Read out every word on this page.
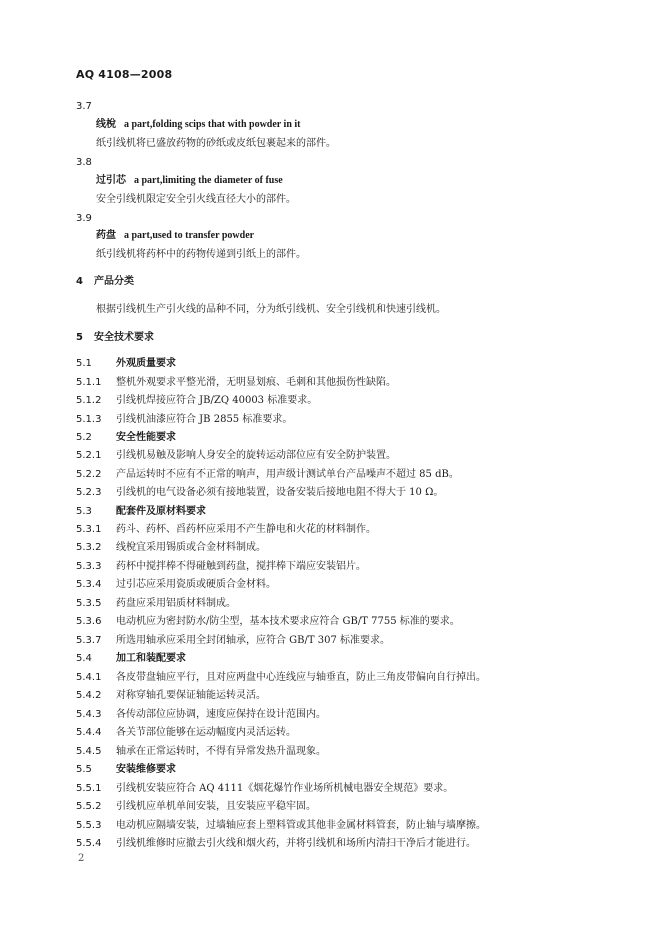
AQ 4108—2008
3.7
线梲 a part,folding scips that with powder in it
纸引线机将已盛放药物的砂纸或皮纸包裹起来的部件。
3.8
过引芯 a part,limiting the diameter of fuse
安全引线机限定安全引火线直径大小的部件。
3.9
药盘 a part,used to transfer powder
纸引线机将药杯中的药物传递到引纸上的部件。
4 产品分类
根据引线机生产引火线的品种不同，分为纸引线机、安全引线机和快速引线机。
5 安全技术要求
5.1 外观质量要求
5.1.1 整机外观要求平整光滑，无明显划痕、毛刺和其他损伤性缺陷。
5.1.2 引线机焊接应符合 JB/ZQ 40003 标准要求。
5.1.3 引线机油漆应符合 JB 2855 标准要求。
5.2 安全性能要求
5.2.1 引线机易触及影响人身安全的旋转运动部位应有安全防护装置。
5.2.2 产品运转时不应有不正常的响声，用声级计测试单台产品噪声不超过 85 dB。
5.2.3 引线机的电气设备必须有接地装置，设备安装后接地电阻不得大于 10 Ω。
5.3 配套件及原材料要求
5.3.1 药斗、药杯、舀药杯应采用不产生静电和火花的材料制作。
5.3.2 线梲宜采用锡质或合金材料制成。
5.3.3 药杯中搅拌棒不得碰触到药盘，搅拌棒下端应安装铝片。
5.3.4 过引芯应采用瓷质或硬质合金材料。
5.3.5 药盘应采用铝质材料制成。
5.3.6 电动机应为密封防水/防尘型，基本技术要求应符合 GB/T 7755 标准的要求。
5.3.7 所选用轴承应采用全封闭轴承，应符合 GB/T 307 标准要求。
5.4 加工和装配要求
5.4.1 各皮带盘轴应平行，且对应两盘中心连线应与轴垂直，防止三角皮带偏向自行掉出。
5.4.2 对称穿轴孔要保证轴能运转灵活。
5.4.3 各传动部位应协调，速度应保持在设计范围内。
5.4.4 各关节部位能够在运动幅度内灵活运转。
5.4.5 轴承在正常运转时，不得有异常发热升温现象。
5.5 安装维修要求
5.5.1 引线机安装应符合 AQ 4111《烟花爆竹作业场所机械电器安全规范》要求。
5.5.2 引线机应单机单间安装，且安装应平稳牢固。
5.5.3 电动机应隔墙安装，过墙轴应套上塑料管或其他非金属材料管套，防止轴与墙摩擦。
5.5.4 引线机维修时应撤去引火线和烟火药，并将引线机和场所内清扫干净后才能进行。
2
